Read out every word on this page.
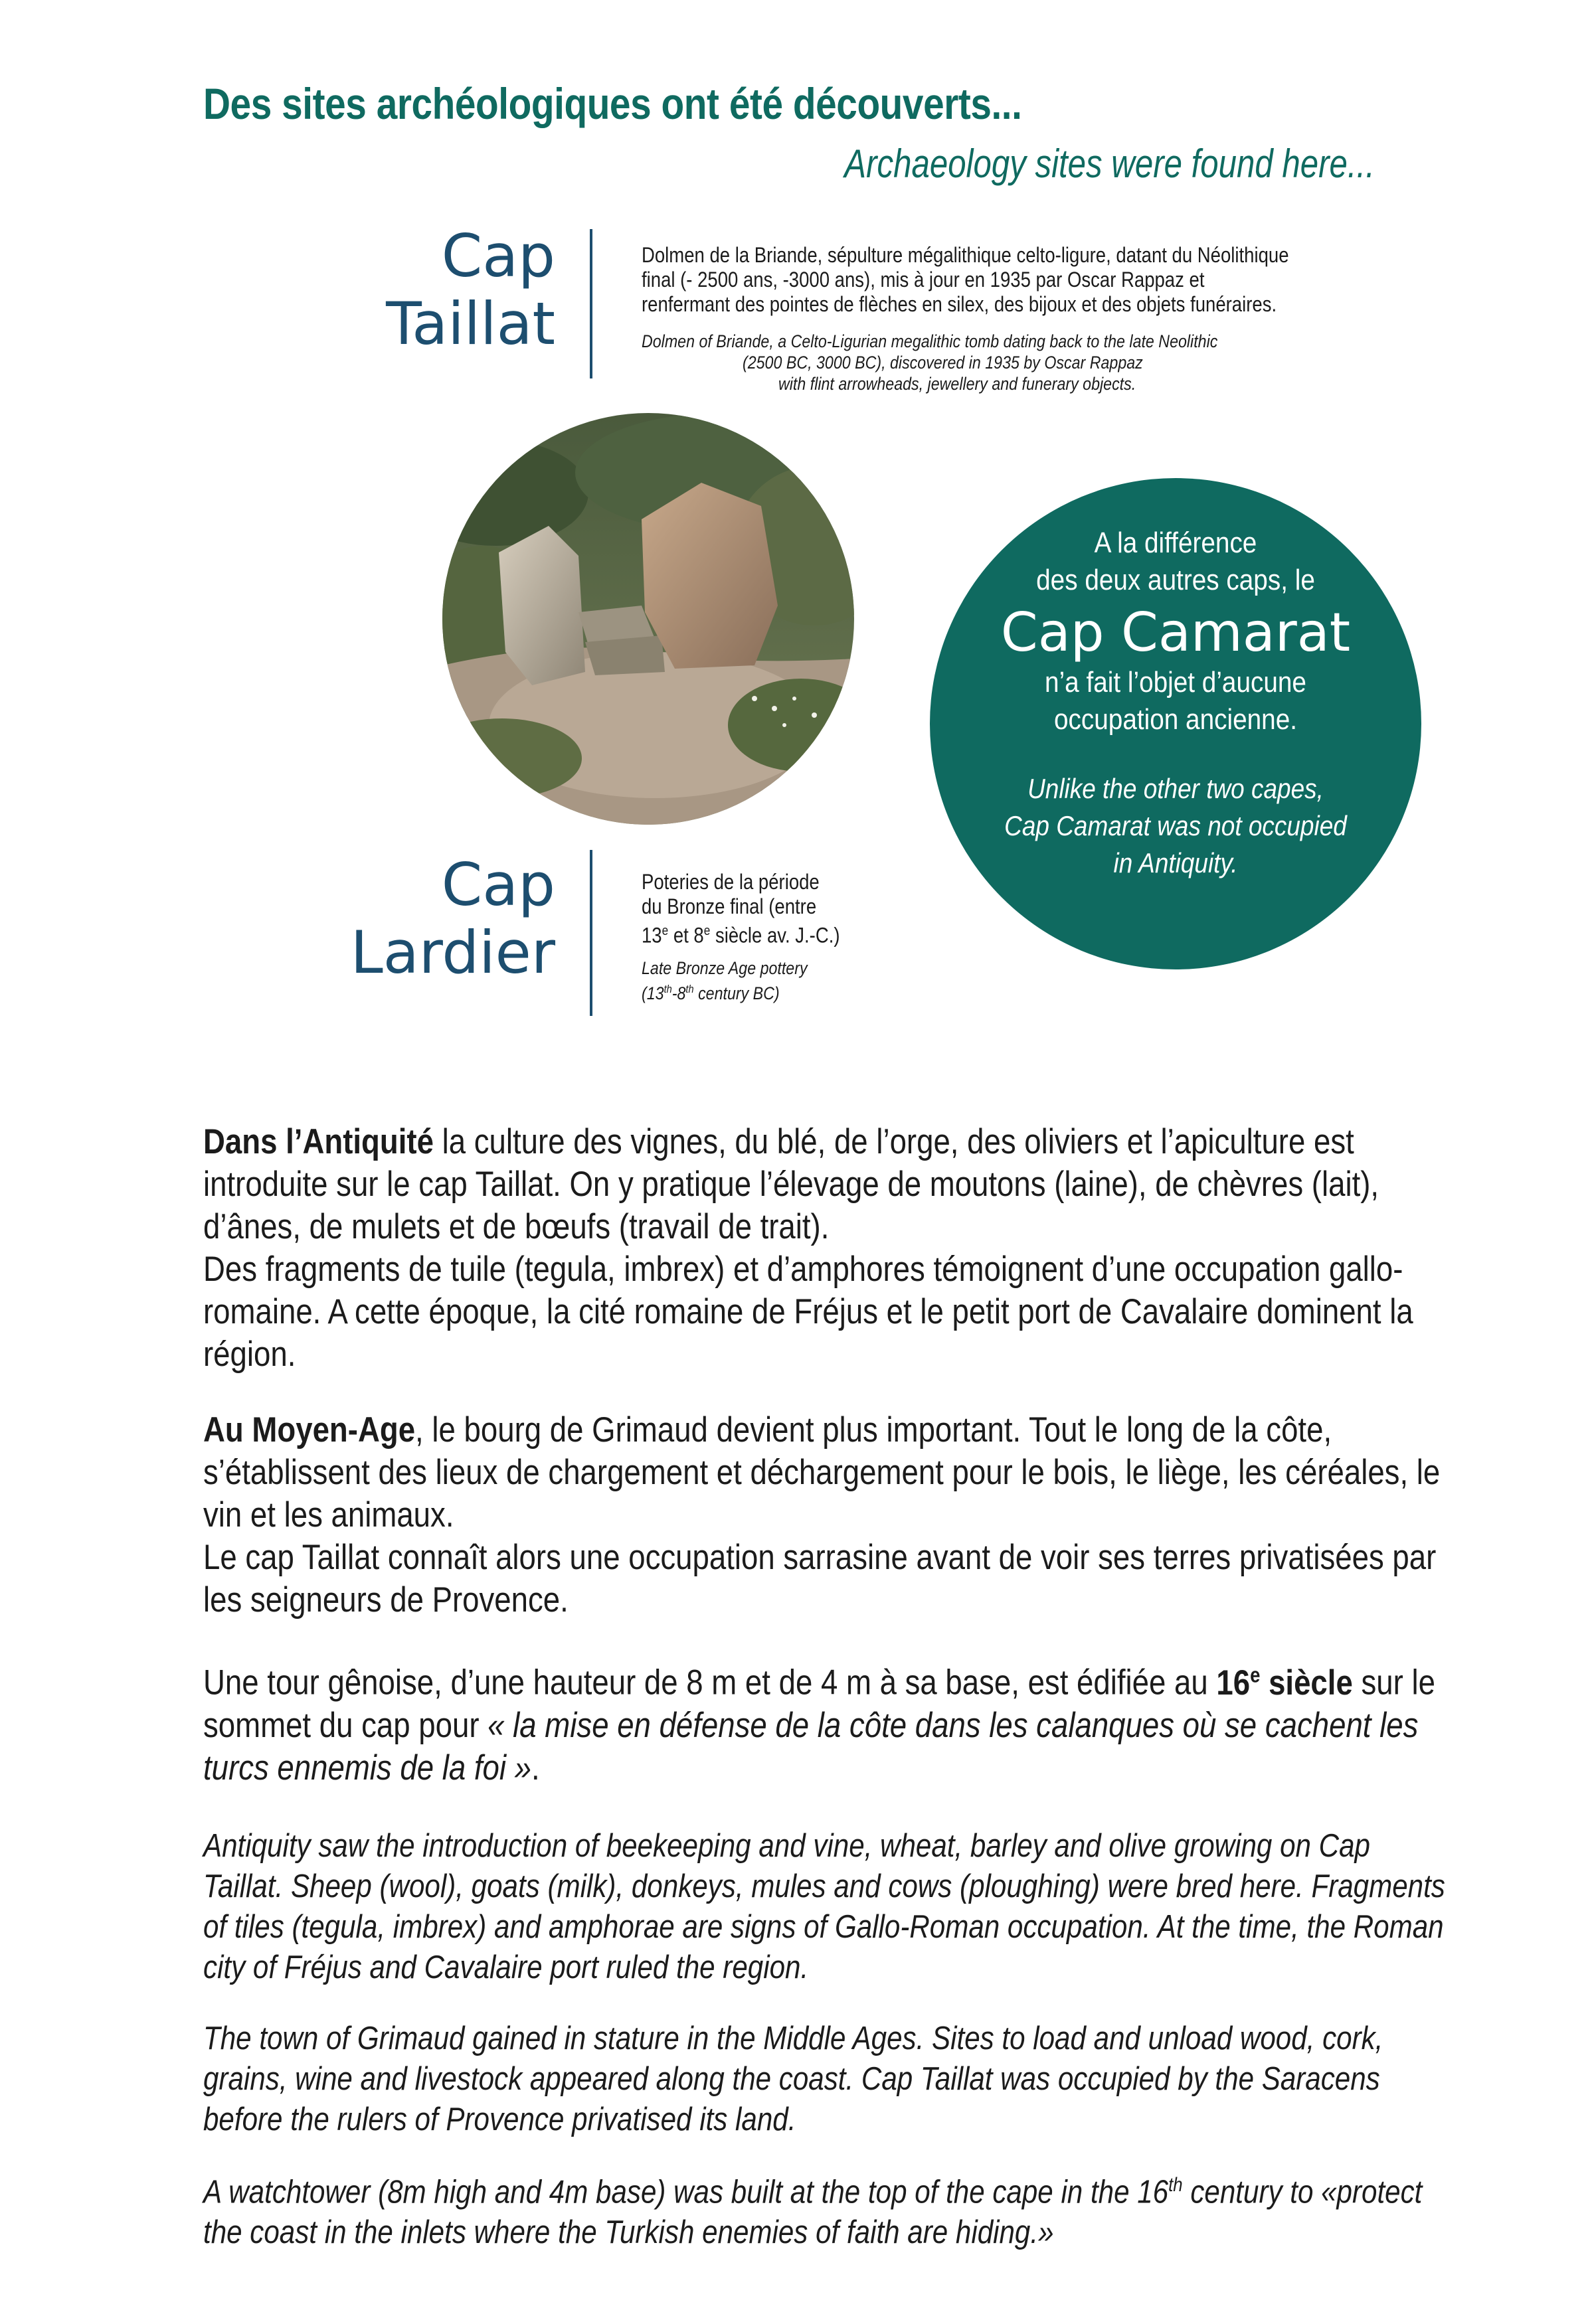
Des sites archéologiques ont été découverts...

Archaeology sites were found here...

Cap
Taillat

Dolmen de la Briande, sépulture mégalithique celto-ligure, datant du Néolithique

final (- 2500 ans, -3000 ans), mis à jour en 1935 par Oscar Rappaz et

renfermant des pointes de flèches en silex, des bijoux et des objets funéraires.

Dolmen of Briande, a Celto-Ligurian megalithic tomb dating back to the late Neolithic

(2500 BC, 3000 BC), discovered in 1935 by Oscar Rappaz

with flint arrowheads, jewellery and funerary objects.

A la différence

des deux autres caps, le

Cap Camarat

n’a fait l’objet d’aucune

occupation ancienne.

Unlike the other two capes,

Cap Camarat was not occupied

in Antiquity.

Cap
Lardier

Poteries de la période

du Bronze final (entre

13e et 8e siècle av. J.-C.)

Late Bronze Age pottery

(13th-8th century BC)

Dans l’Antiquité la culture des vignes, du blé, de l’orge, des oliviers et l’apiculture est introduite sur le cap Taillat. On y pratique l’élevage de moutons (laine), de chèvres (lait), d’ânes, de mulets et de bœufs (travail de trait).
Des fragments de tuile (tegula, imbrex) et d’amphores témoignent d’une occupation gallo-romaine. A cette époque, la cité romaine de Fréjus et le petit port de Cavalaire dominent la région.

Au Moyen-Age, le bourg de Grimaud devient plus important. Tout le long de la côte, s’établissent des lieux de chargement et déchargement pour le bois, le liège, les céréales, le vin et les animaux.
Le cap Taillat connaît alors une occupation sarrasine avant de voir ses terres privatisées par les seigneurs de Provence.

Une tour gênoise, d’une hauteur de 8 m et de 4 m à sa base, est édifiée au 16e siècle sur le sommet du cap pour « la mise en défense de la côte dans les calanques où se cachent les turcs ennemis de la foi ».

Antiquity saw the introduction of beekeeping and vine, wheat, barley and olive growing on Cap Taillat. Sheep (wool), goats (milk), donkeys, mules and cows (ploughing) were bred here. Fragments of tiles (tegula, imbrex) and amphorae are signs of Gallo-Roman occupation. At the time, the Roman city of Fréjus and Cavalaire port ruled the region.

The town of Grimaud gained in stature in the Middle Ages. Sites to load and unload wood, cork, grains, wine and livestock appeared along the coast. Cap Taillat was occupied by the Saracens before the rulers of Provence privatised its land.

A watchtower (8m high and 4m base) was built at the top of the cape in the 16th century to «protect the coast in the inlets where the Turkish enemies of faith are hiding.»
